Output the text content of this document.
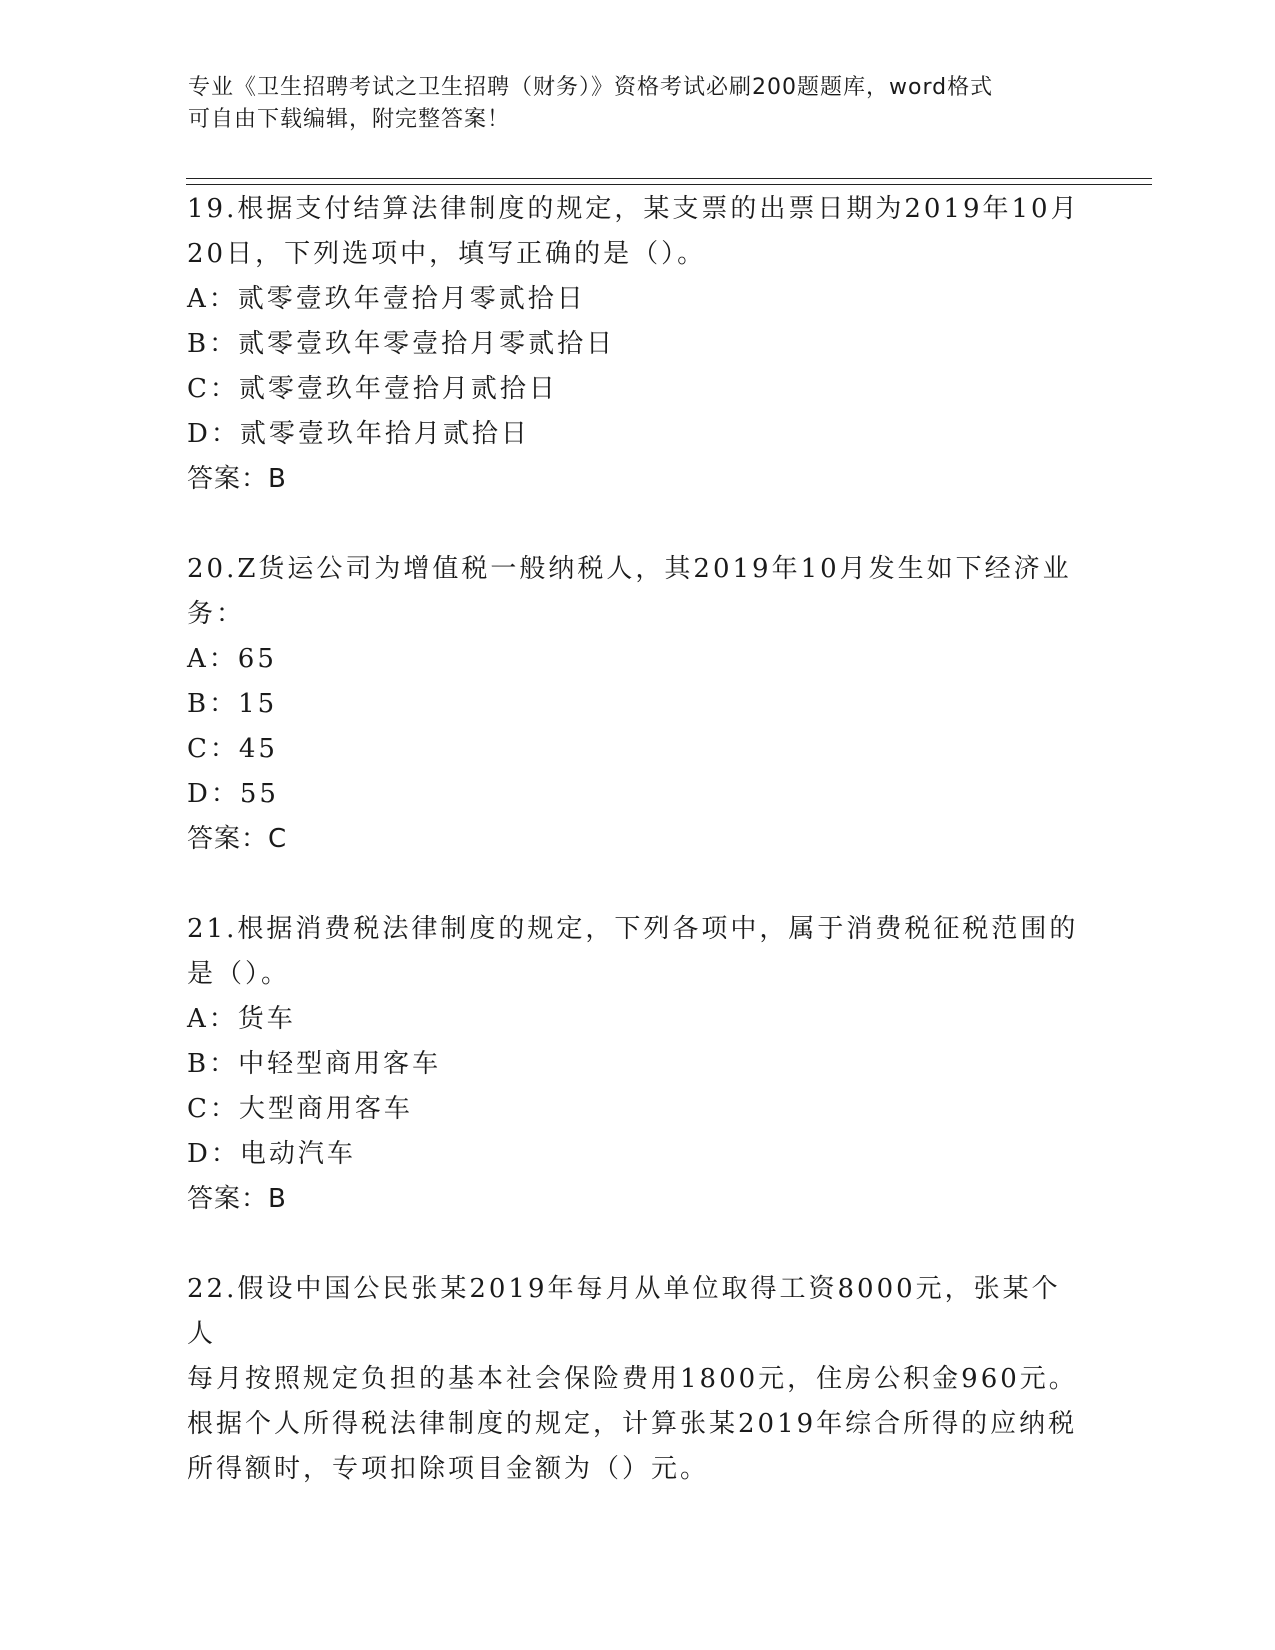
专业《卫生招聘考试之卫生招聘（财务）》资格考试必刷200题题库，word格式
可自由下载编辑，附完整答案！
19.根据支付结算法律制度的规定，某支票的出票日期为2019年10月
20日，下列选项中，填写正确的是（）。
A：贰零壹玖年壹拾月零贰拾日
B：贰零壹玖年零壹拾月零贰拾日
C：贰零壹玖年壹拾月贰拾日
D：贰零壹玖年拾月贰拾日
答案：B
20.Z货运公司为增值税一般纳税人，其2019年10月发生如下经济业
务：
A：65
B：15
C：45
D：55
答案：C
21.根据消费税法律制度的规定，下列各项中，属于消费税征税范围的
是（）。
A：货车
B：中轻型商用客车
C：大型商用客车
D：电动汽车
答案：B
22.假设中国公民张某2019年每月从单位取得工资8000元，张某个人
每月按照规定负担的基本社会保险费用1800元，住房公积金960元。
根据个人所得税法律制度的规定，计算张某2019年综合所得的应纳税
所得额时，专项扣除项目金额为（）元。
